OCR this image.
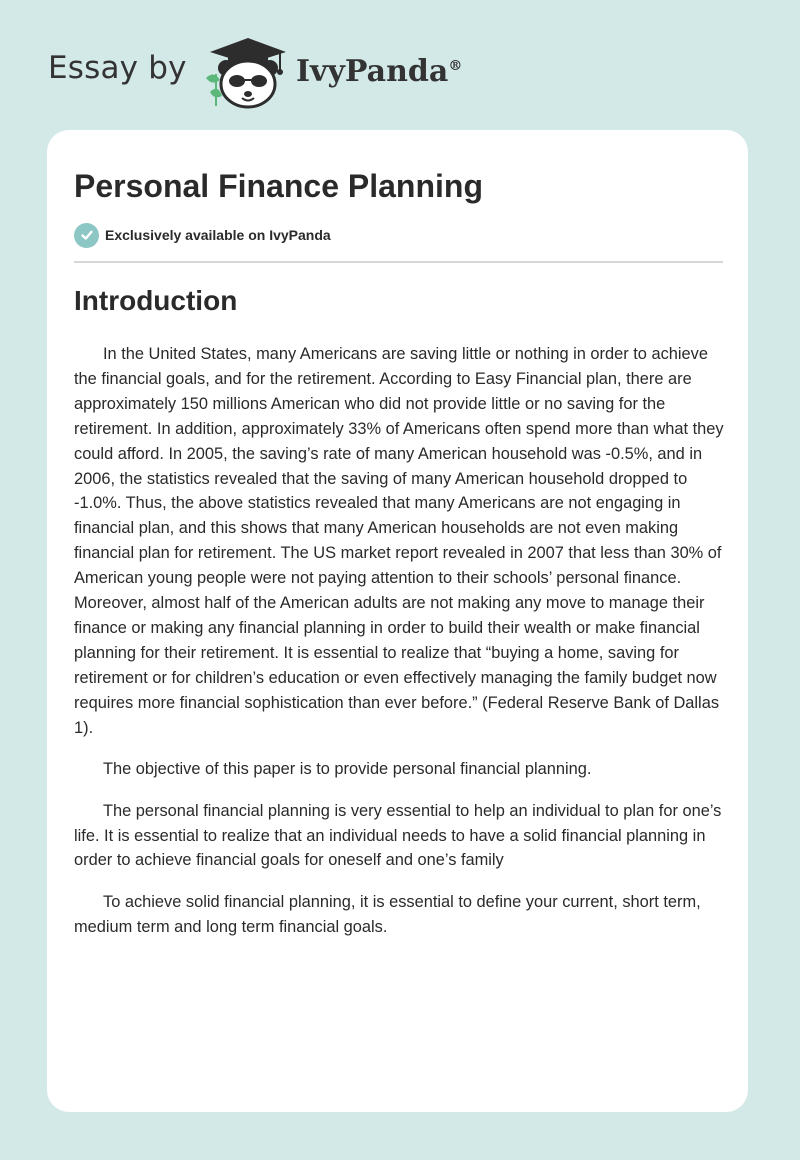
Essay by	IvyPanda®
Personal Finance Planning
Exclusively available on IvyPanda
Introduction

In the United States, many Americans are saving little or nothing in order to achieve the financial goals, and for the retirement. According to Easy Financial plan, there are approximately 150 millions American who did not provide little or no saving for the retirement. In addition, approximately 33% of Americans often spend more than what they could afford. In 2005, the saving’s rate of many American household was -0.5%, and in 2006, the statistics revealed that the saving of many American household dropped to -1.0%. Thus, the above statistics revealed that many Americans are not engaging in financial plan, and this shows that many American households are not even making financial plan for retirement. The US market report revealed in 2007 that less than 30% of American young people were not paying attention to their schools’ personal finance. Moreover, almost half of the American adults are not making any move to manage their finance or making any financial planning in order to build their wealth or make financial planning for their retirement. It is essential to realize that “buying a home, saving for retirement or for children’s education or even effectively managing the family budget now requires more financial sophistication than ever before.” (Federal Reserve Bank of Dallas 1).

The objective of this paper is to provide personal financial planning.

The personal financial planning is very essential to help an individual to plan for one’s life. It is essential to realize that an individual needs to have a solid financial planning in order to achieve financial goals for oneself and one’s family

To achieve solid financial planning, it is essential to define your current, short term, medium term and long term financial goals.
